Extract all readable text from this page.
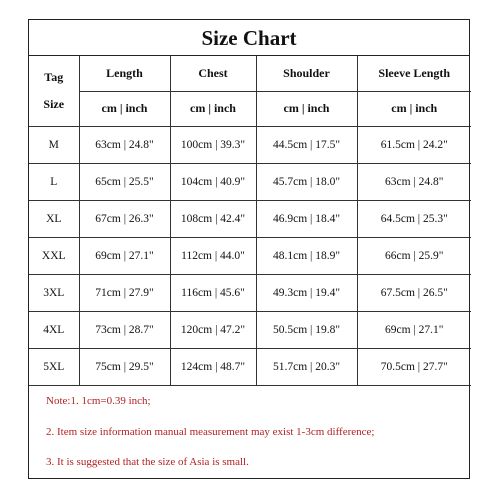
Size Chart
Tag
Size	Length	Chest	Shoulder	Sleeve Length
	cm | inch	cm | inch	cm | inch	cm | inch
M	63cm | 24.8"	100cm | 39.3"	44.5cm | 17.5"	61.5cm | 24.2"
L	65cm | 25.5"	104cm | 40.9"	45.7cm | 18.0"	63cm | 24.8"
XL	67cm | 26.3"	108cm | 42.4"	46.9cm | 18.4"	64.5cm | 25.3"
XXL	69cm | 27.1"	112cm | 44.0"	48.1cm | 18.9"	66cm | 25.9"
3XL	71cm | 27.9"	116cm | 45.6"	49.3cm | 19.4"	67.5cm | 26.5"
4XL	73cm | 28.7"	120cm | 47.2"	50.5cm | 19.8"	69cm | 27.1"
5XL	75cm | 29.5"	124cm | 48.7"	51.7cm | 20.3"	70.5cm | 27.7"
Note:1. 1cm=0.39 inch;
2. Item size information manual measurement may exist 1-3cm difference;
3. It is suggested that the size of Asia is small.
